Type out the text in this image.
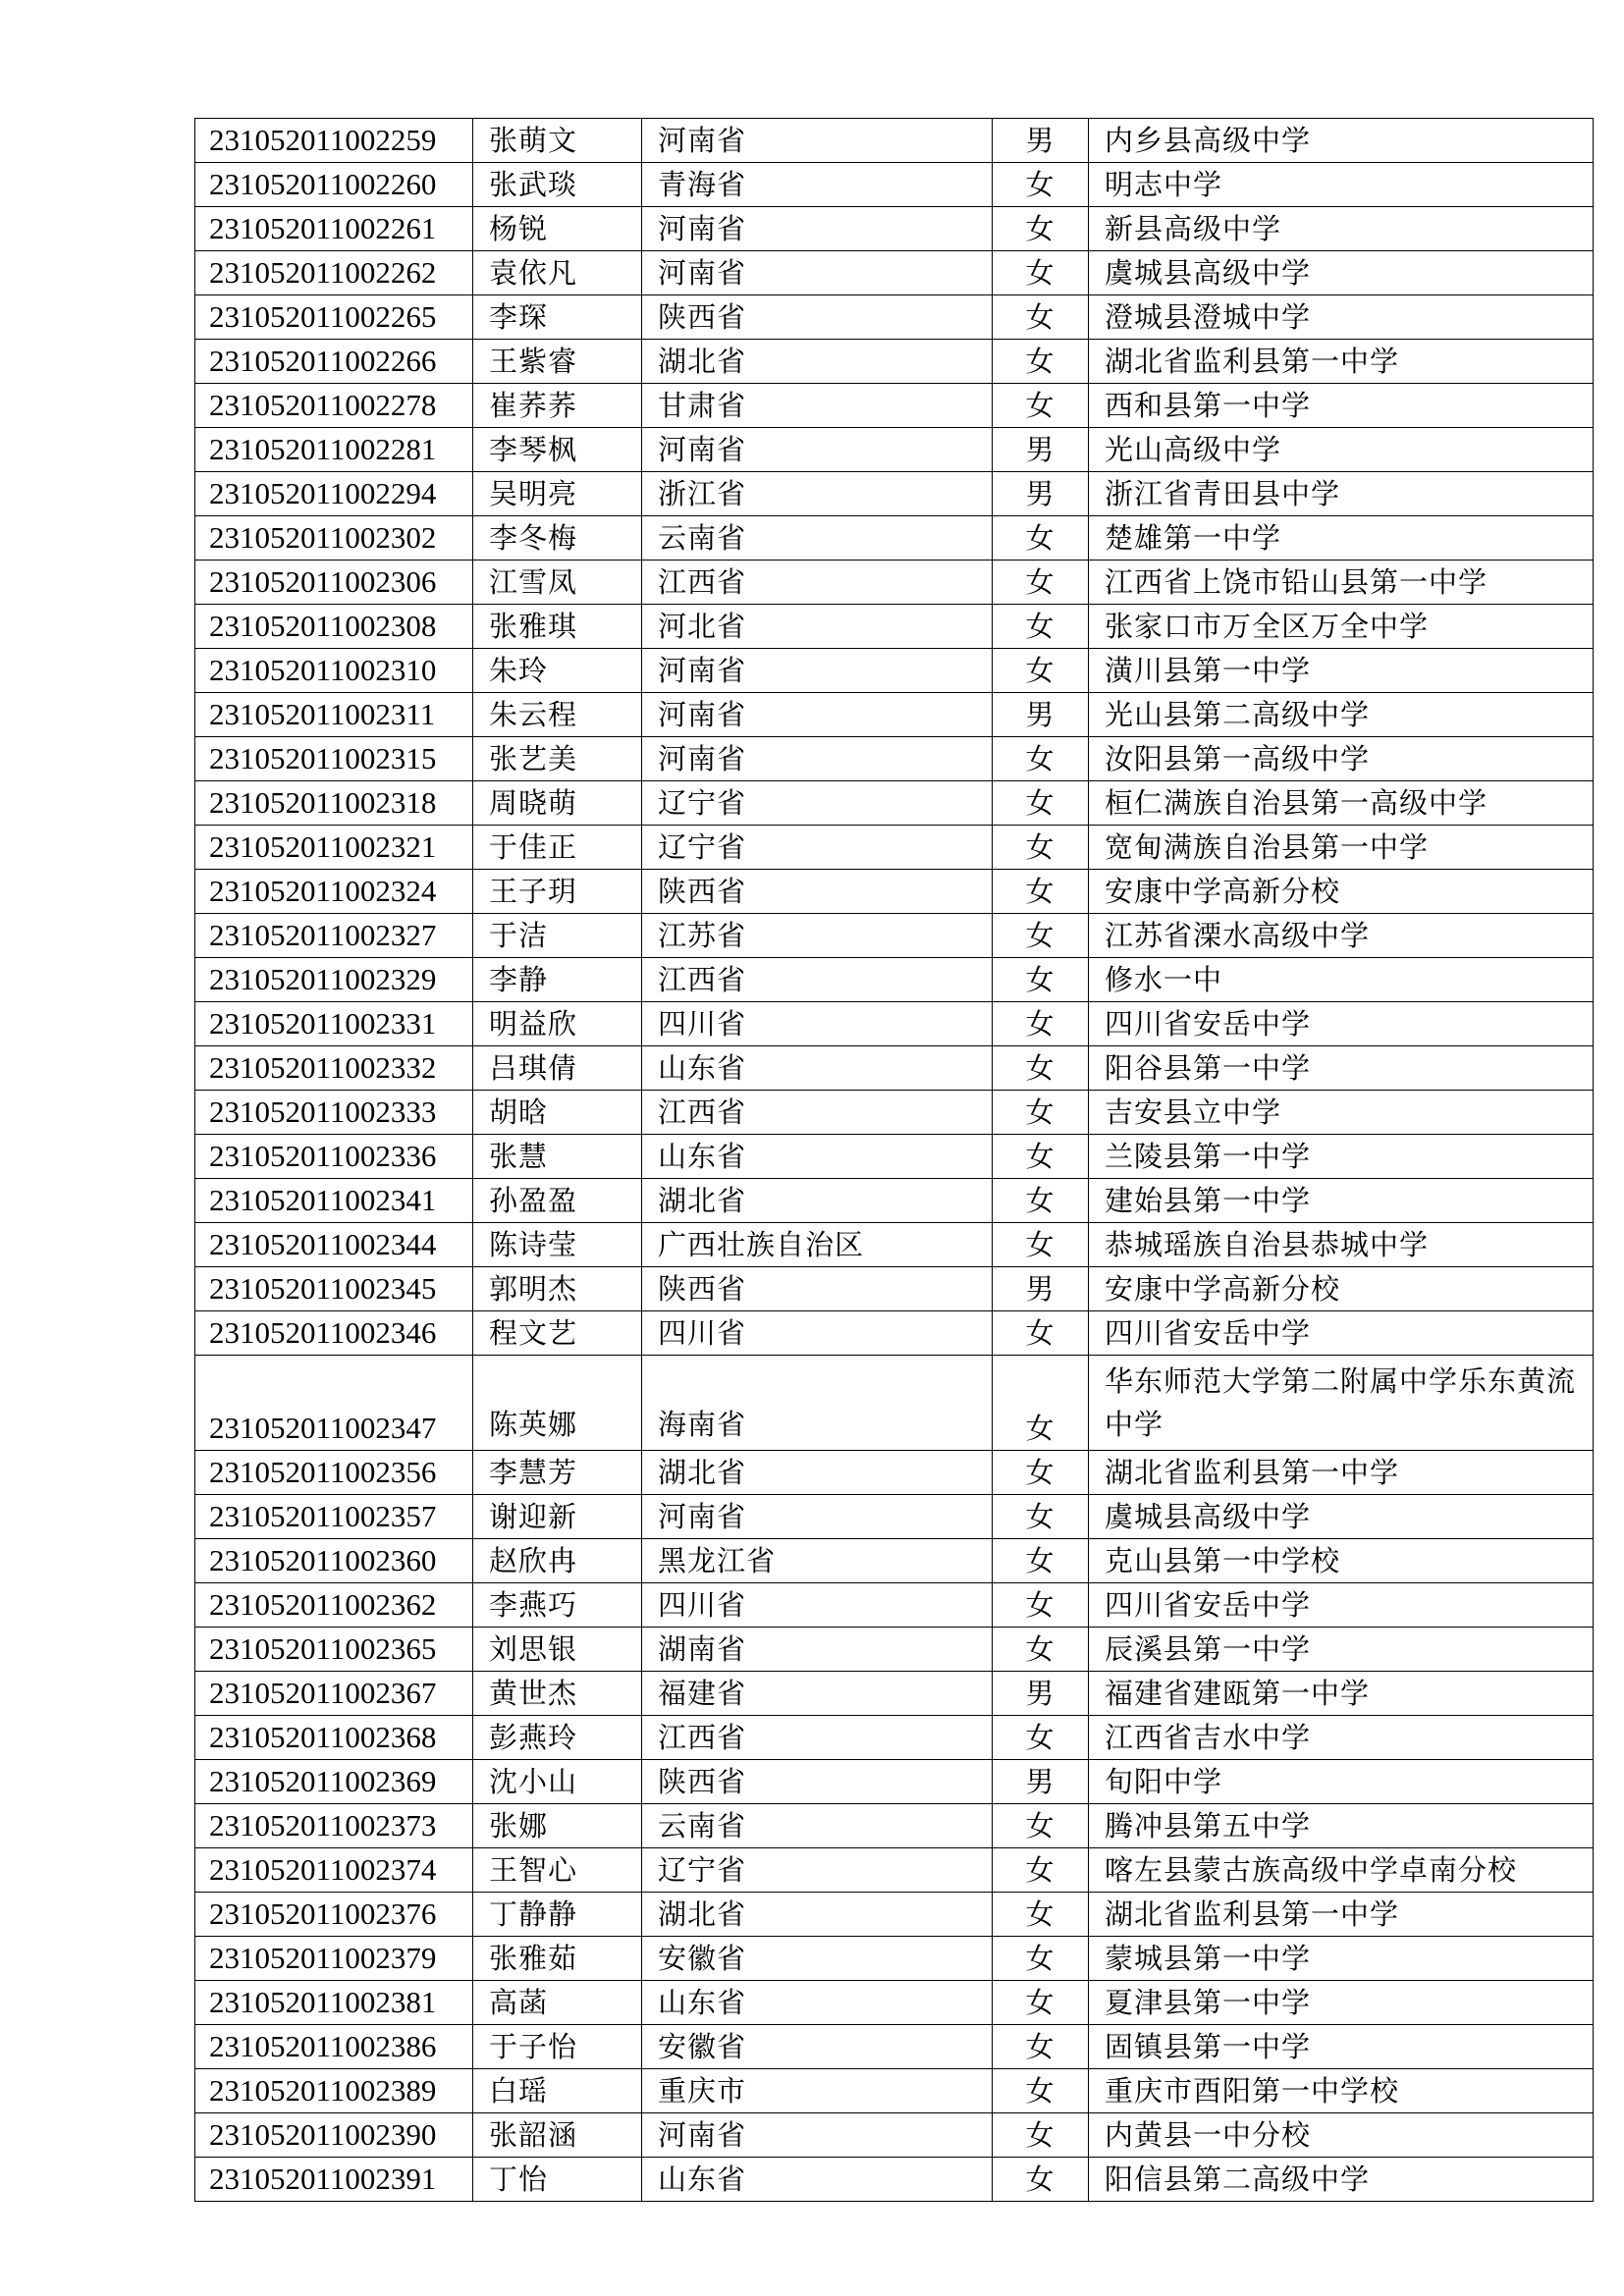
231052011002259	张萌文	河南省	男	内乡县高级中学
231052011002260	张武琰	青海省	女	明志中学
231052011002261	杨锐	河南省	女	新县高级中学
231052011002262	袁依凡	河南省	女	虞城县高级中学
231052011002265	李琛	陕西省	女	澄城县澄城中学
231052011002266	王紫睿	湖北省	女	湖北省监利县第一中学
231052011002278	崔荞荞	甘肃省	女	西和县第一中学
231052011002281	李琴枫	河南省	男	光山高级中学
231052011002294	吴明亮	浙江省	男	浙江省青田县中学
231052011002302	李冬梅	云南省	女	楚雄第一中学
231052011002306	江雪凤	江西省	女	江西省上饶市铅山县第一中学
231052011002308	张雅琪	河北省	女	张家口市万全区万全中学
231052011002310	朱玲	河南省	女	潢川县第一中学
231052011002311	朱云程	河南省	男	光山县第二高级中学
231052011002315	张艺美	河南省	女	汝阳县第一高级中学
231052011002318	周晓萌	辽宁省	女	桓仁满族自治县第一高级中学
231052011002321	于佳正	辽宁省	女	宽甸满族自治县第一中学
231052011002324	王子玥	陕西省	女	安康中学高新分校
231052011002327	于洁	江苏省	女	江苏省溧水高级中学
231052011002329	李静	江西省	女	修水一中
231052011002331	明益欣	四川省	女	四川省安岳中学
231052011002332	吕琪倩	山东省	女	阳谷县第一中学
231052011002333	胡晗	江西省	女	吉安县立中学
231052011002336	张慧	山东省	女	兰陵县第一中学
231052011002341	孙盈盈	湖北省	女	建始县第一中学
231052011002344	陈诗莹	广西壮族自治区	女	恭城瑶族自治县恭城中学
231052011002345	郭明杰	陕西省	男	安康中学高新分校
231052011002346	程文艺	四川省	女	四川省安岳中学
231052011002347	陈英娜	海南省	女	华东师范大学第二附属中学乐东黄流中学
231052011002356	李慧芳	湖北省	女	湖北省监利县第一中学
231052011002357	谢迎新	河南省	女	虞城县高级中学
231052011002360	赵欣冉	黑龙江省	女	克山县第一中学校
231052011002362	李燕巧	四川省	女	四川省安岳中学
231052011002365	刘思银	湖南省	女	辰溪县第一中学
231052011002367	黄世杰	福建省	男	福建省建瓯第一中学
231052011002368	彭燕玲	江西省	女	江西省吉水中学
231052011002369	沈小山	陕西省	男	旬阳中学
231052011002373	张娜	云南省	女	腾冲县第五中学
231052011002374	王智心	辽宁省	女	喀左县蒙古族高级中学卓南分校
231052011002376	丁静静	湖北省	女	湖北省监利县第一中学
231052011002379	张雅茹	安徽省	女	蒙城县第一中学
231052011002381	高菡	山东省	女	夏津县第一中学
231052011002386	于子怡	安徽省	女	固镇县第一中学
231052011002389	白瑶	重庆市	女	重庆市酉阳第一中学校
231052011002390	张韶涵	河南省	女	内黄县一中分校
231052011002391	丁怡	山东省	女	阳信县第二高级中学
